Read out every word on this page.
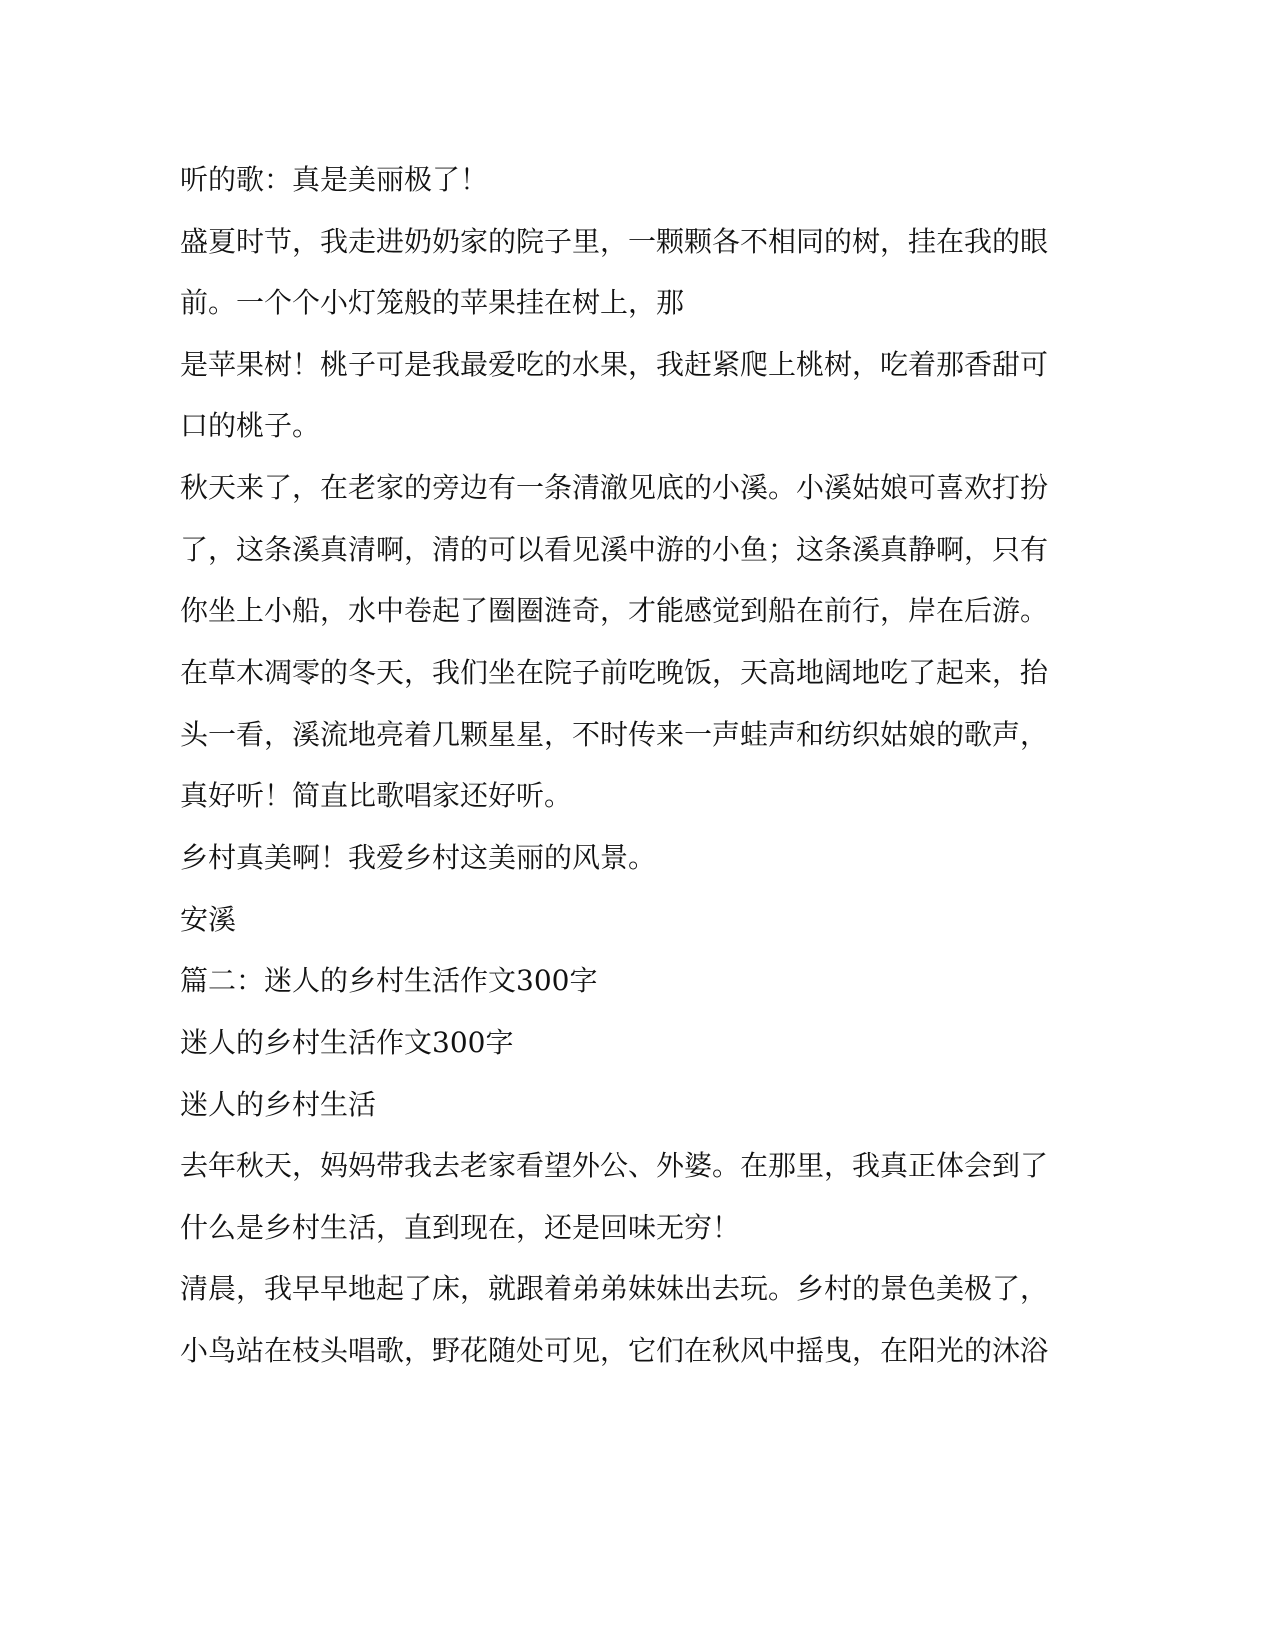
听的歌：真是美丽极了！
盛夏时节，我走进奶奶家的院子里，一颗颗各不相同的树，挂在我的眼
前。一个个小灯笼般的苹果挂在树上，那
是苹果树！桃子可是我最爱吃的水果，我赶紧爬上桃树，吃着那香甜可
口的桃子。
秋天来了，在老家的旁边有一条清澈见底的小溪。小溪姑娘可喜欢打扮
了，这条溪真清啊，清的可以看见溪中游的小鱼；这条溪真静啊，只有
你坐上小船，水中卷起了圈圈涟奇，才能感觉到船在前行，岸在后游。
在草木凋零的冬天，我们坐在院子前吃晚饭，天高地阔地吃了起来，抬
头一看，溪流地亮着几颗星星，不时传来一声蛙声和纺织姑娘的歌声，
真好听！简直比歌唱家还好听。
乡村真美啊！我爱乡村这美丽的风景。
安溪
篇二：迷人的乡村生活作文300字
迷人的乡村生活作文300字
迷人的乡村生活
去年秋天，妈妈带我去老家看望外公、外婆。在那里，我真正体会到了
什么是乡村生活，直到现在，还是回味无穷！
清晨，我早早地起了床，就跟着弟弟妹妹出去玩。乡村的景色美极了，
小鸟站在枝头唱歌，野花随处可见，它们在秋风中摇曳，在阳光的沐浴
